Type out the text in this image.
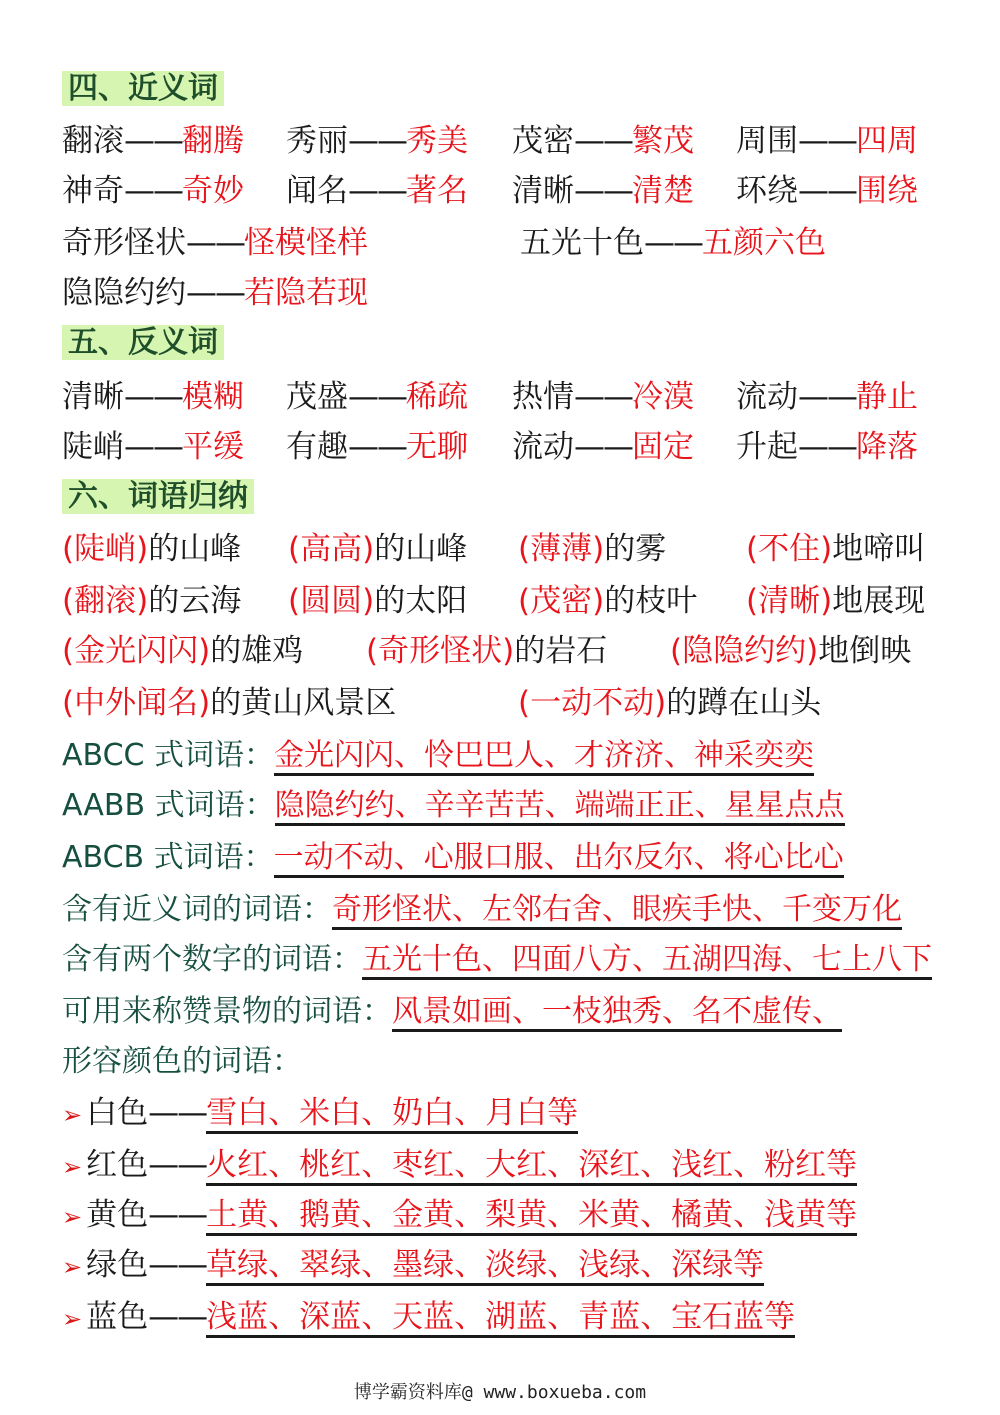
四、近义词
五、反义词
六、词语归纳
博学霸资料库@ www.boxueba.com
翻滚——翻腾 秀丽——秀美 茂密——繁茂 周围——四周
神奇——奇妙 闻名——著名 清晰——清楚 环绕——围绕
奇形怪状——怪模怪样	五光十色——五颜六色
隐隐约约——若隐若现
清晰——模糊 茂盛——稀疏 热情——冷漠 流动——静止
陡峭——平缓 有趣——无聊 流动——固定 升起——降落
(陡峭)的山峰 (高高)的山峰 (薄薄)的雾	(不住)地啼叫
(翻滚)的云海 (圆圆)的太阳 (茂密)的枝叶 (清晰)地展现
(金光闪闪)的雄鸡 (奇形怪状)的岩石 (隐隐约约)地倒映
(中外闻名)的黄山风景区	(一动不动)的蹲在山头
ABCC 式词语：金光闪闪、怜巴巴人、才济济、神采奕奕
AABB 式词语：隐隐约约、辛辛苦苦、端端正正、星星点点
ABCB 式词语：一动不动、心服口服、出尔反尔、将心比心
含有近义词的词语：奇形怪状、左邻右舍、眼疾手快、千变万化
含有两个数字的词语：五光十色、四面八方、五湖四海、七上八下
可用来称赞景物的词语：风景如画、一枝独秀、名不虚传、
形容颜色的词语：
➢ 白色——雪白、米白、奶白、月白等
➢ 红色——火红、桃红、枣红、大红、深红、浅红、粉红等
➢ 黄色——土黄、鹅黄、金黄、梨黄、米黄、橘黄、浅黄等
➢ 绿色——草绿、翠绿、墨绿、淡绿、浅绿、深绿等
➢ 蓝色——浅蓝、深蓝、天蓝、湖蓝、青蓝、宝石蓝等
